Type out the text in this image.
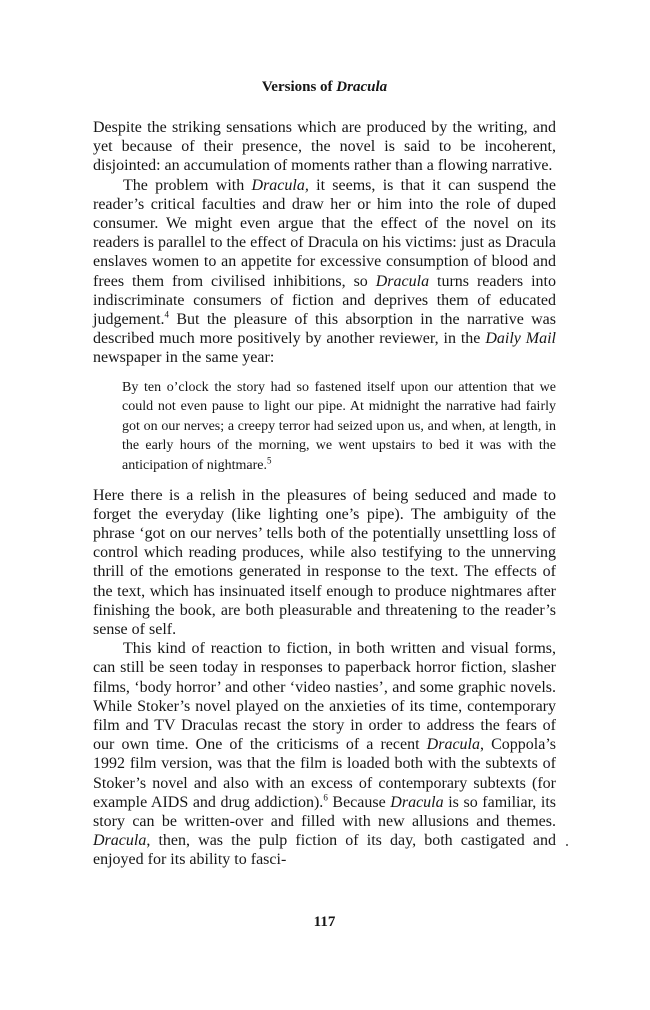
Versions of Dracula

Despite the striking sensations which are produced by the writing, and yet because of their presence, the novel is said to be incoherent, disjointed: an accumulation of moments rather than a flowing narrative.

The problem with Dracula, it seems, is that it can suspend the reader’s critical faculties and draw her or him into the role of duped consumer. We might even argue that the effect of the novel on its readers is parallel to the effect of Dracula on his victims: just as Dracula enslaves women to an appetite for excessive consumption of blood and frees them from civilised inhibitions, so Dracula turns readers into indiscriminate consumers of fiction and deprives them of educated judgement.$^4$ But the pleasure of this absorption in the narrative was described much more positively by another reviewer, in the Daily Mail newspaper in the same year:

By ten o’clock the story had so fastened itself upon our attention that we could not even pause to light our pipe. At midnight the narrative had fairly got on our nerves; a creepy terror had seized upon us, and when, at length, in the early hours of the morning, we went upstairs to bed it was with the anticipation of nightmare.$^5$

Here there is a relish in the pleasures of being seduced and made to forget the everyday (like lighting one’s pipe). The ambiguity of the phrase ‘got on our nerves’ tells both of the potentially unsettling loss of control which reading produces, while also testifying to the unnerving thrill of the emotions generated in response to the text. The effects of the text, which has insinuated itself enough to produce nightmares after finishing the book, are both pleasurable and threatening to the reader’s sense of self.

This kind of reaction to fiction, in both written and visual forms, can still be seen today in responses to paperback horror fiction, slasher films, ‘body horror’ and other ‘video nasties’, and some graphic novels. While Stoker’s novel played on the anxieties of its time, contemporary film and TV Draculas recast the story in order to address the fears of our own time. One of the criticisms of a recent Dracula, Coppola’s 1992 film version, was that the film is loaded both with the subtexts of Stoker’s novel and also with an excess of contemporary subtexts (for example AIDS and drug addiction).$^6$ Because Dracula is so familiar, its story can be written-over and filled with new allusions and themes. Dracula, then, was the pulp fiction of its day, both castigated and enjoyed for its ability to fasci-

117
